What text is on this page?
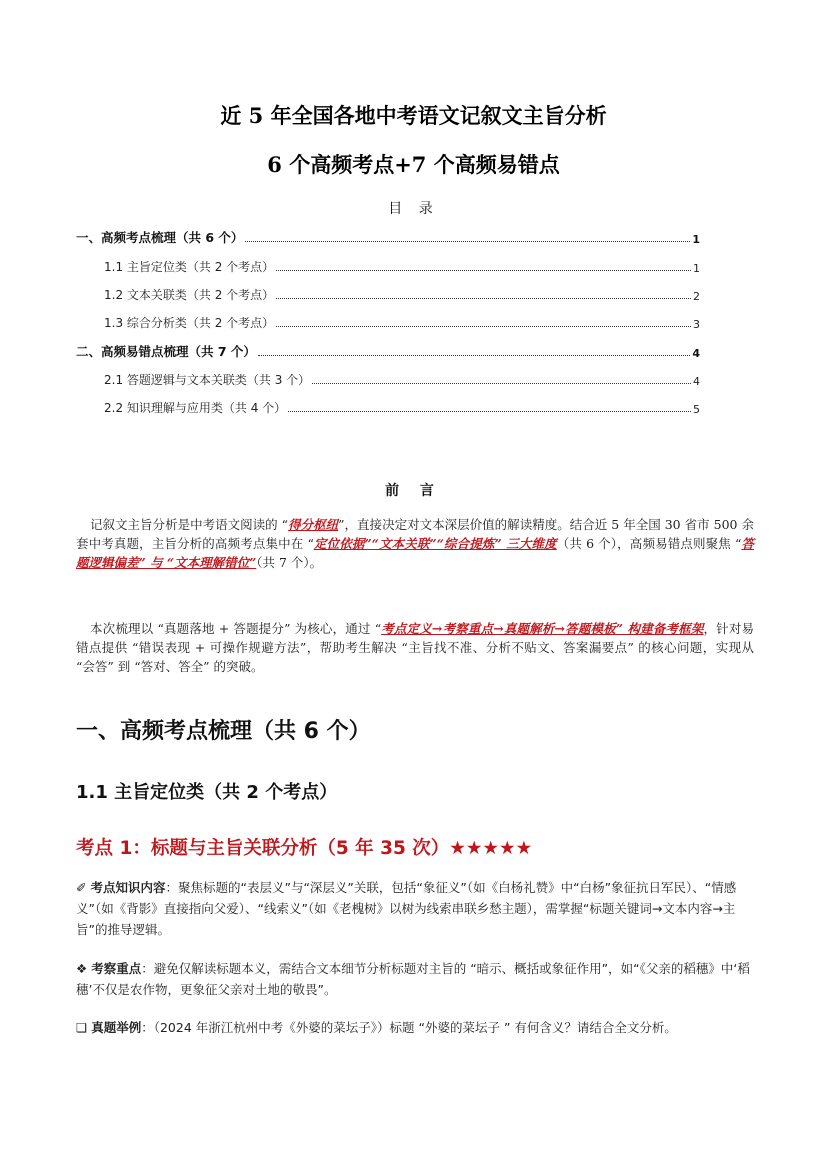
近 5 年全国各地中考语文记叙文主旨分析
6 个高频考点+7 个高频易错点
目 录
一、高频考点梳理（共 6 个）	1
1.1 主旨定位类（共 2 个考点）	1
1.2 文本关联类（共 2 个考点）	2
1.3 综合分析类（共 2 个考点）	3
二、高频易错点梳理（共 7 个）	4
2.1 答题逻辑与文本关联类（共 3 个）	4
2.2 知识理解与应用类（共 4 个）	5
前 言
记叙文主旨分析是中考语文阅读的 “得分枢纽”，直接决定对文本深层价值的解读精度。结合近 5 年全国 30 省市 500 余套中考真题，主旨分析的高频考点集中在 “定位依据”“文本关联”“综合提炼” 三大维度（共 6 个），高频易错点则聚焦 “答题逻辑偏差” 与 “文本理解错位”（共 7 个）。
本次梳理以 “真题落地 + 答题提分” 为核心，通过 “考点定义→考察重点→真题解析→答题模板” 构建备考框架，针对易错点提供 “错误表现 + 可操作规避方法”，帮助考生解决 “主旨找不准、分析不贴文、答案漏要点” 的核心问题，实现从 “会答” 到 “答对、答全” 的突破。
一、高频考点梳理（共 6 个）
1.1 主旨定位类（共 2 个考点）
考点 1：标题与主旨关联分析（5 年 35 次）★★★★★
✐ 考点知识内容：聚焦标题的“表层义”与“深层义”关联，包括“象征义”（如《白杨礼赞》中“白杨”象征抗日军民）、“情感义”（如《背影》直接指向父爱）、“线索义”（如《老槐树》以树为线索串联乡愁主题），需掌握“标题关键词→文本内容→主旨”的推导逻辑。
❖ 考察重点：避免仅解读标题本义，需结合文本细节分析标题对主旨的 “暗示、概括或象征作用”，如“《父亲的稻穗》中‘稻穗’不仅是农作物，更象征父亲对土地的敬畏”。
❏ 真题举例：（2024 年浙江杭州中考《外婆的菜坛子》）标题 “外婆的菜坛子 ” 有何含义？请结合全文分析。
